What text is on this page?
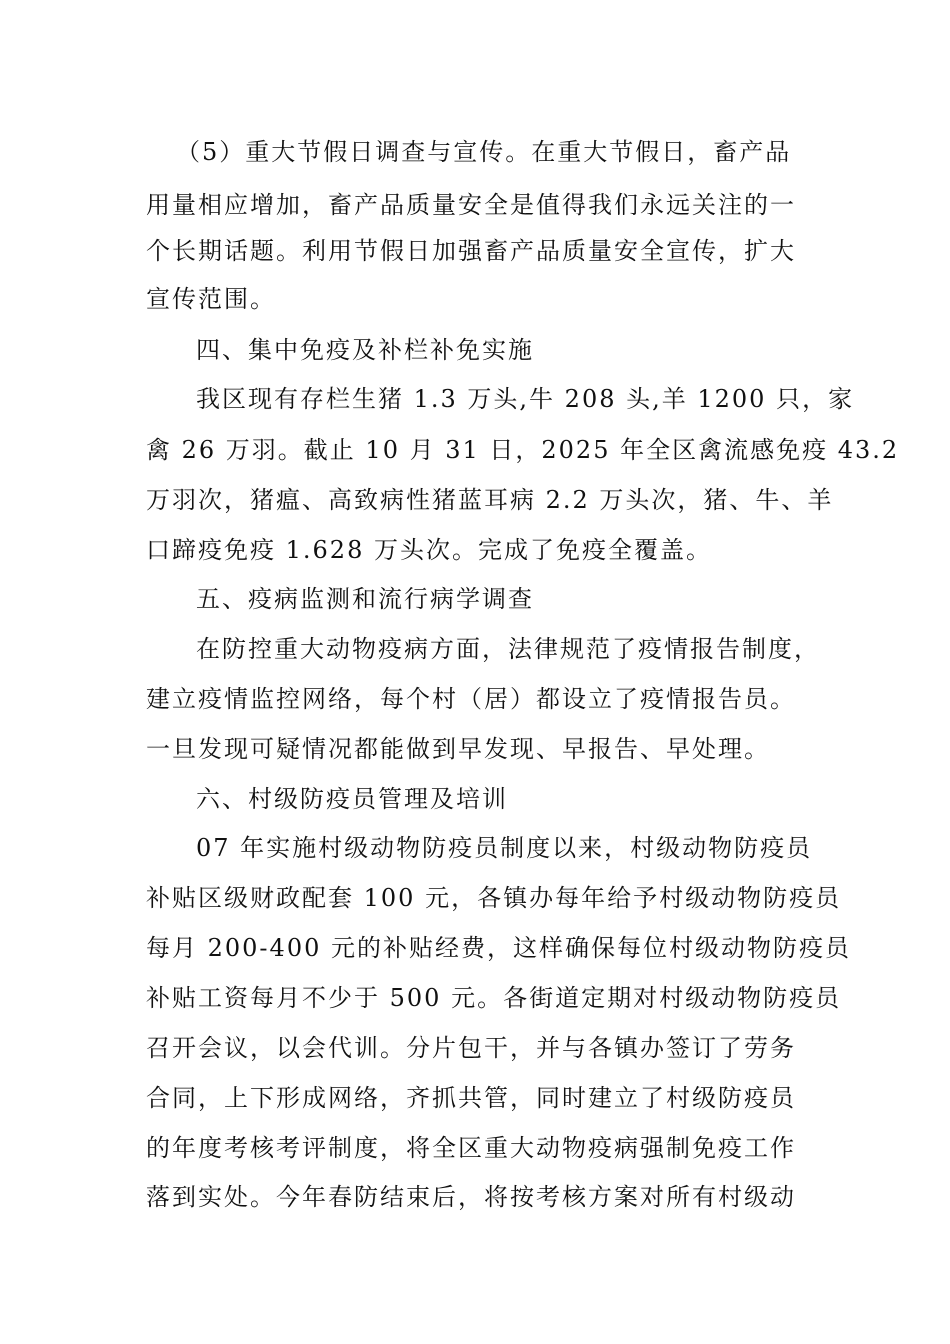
（5）重大节假日调查与宣传。在重大节假日，畜产品

用量相应增加，畜产品质量安全是值得我们永远关注的一

个长期话题。利用节假日加强畜产品质量安全宣传，扩大

宣传范围。

四、集中免疫及补栏补免实施

我区现有存栏生猪 1.3 万头,牛 208 头,羊 1200 只，家

禽 26 万羽。截止 10 月 31 日，2025 年全区禽流感免疫 43.2

万羽次，猪瘟、高致病性猪蓝耳病 2.2 万头次，猪、牛、羊

口蹄疫免疫 1.628 万头次。完成了免疫全覆盖。

五、疫病监测和流行病学调查

在防控重大动物疫病方面，法律规范了疫情报告制度，

建立疫情监控网络，每个村（居）都设立了疫情报告员。

一旦发现可疑情况都能做到早发现、早报告、早处理。

六、村级防疫员管理及培训

07 年实施村级动物防疫员制度以来，村级动物防疫员

补贴区级财政配套 100 元，各镇办每年给予村级动物防疫员

每月 200-400 元的补贴经费，这样确保每位村级动物防疫员

补贴工资每月不少于 500 元。各街道定期对村级动物防疫员

召开会议，以会代训。分片包干，并与各镇办签订了劳务

合同，上下形成网络，齐抓共管，同时建立了村级防疫员

的年度考核考评制度，将全区重大动物疫病强制免疫工作

落到实处。今年春防结束后，将按考核方案对所有村级动
